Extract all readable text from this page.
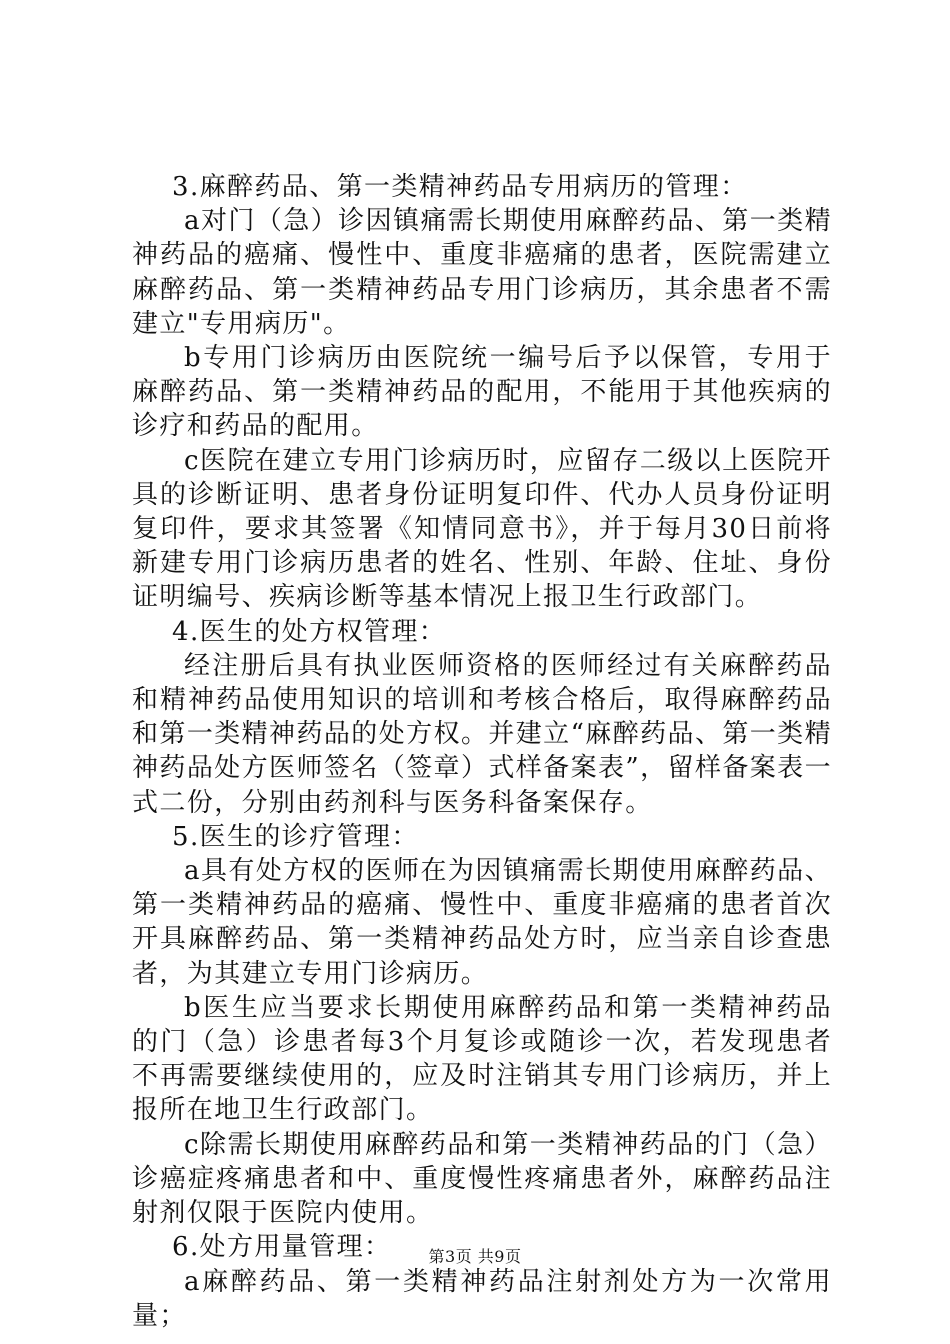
3.麻醉药品、第一类精神药品专用病历的管理：

a对门（急）诊因镇痛需长期使用麻醉药品、第一类精神药品的癌痛、慢性中、重度非癌痛的患者，医院需建立麻醉药品、第一类精神药品专用门诊病历，其余患者不需建立"专用病历"。

b专用门诊病历由医院统一编号后予以保管，专用于麻醉药品、第一类精神药品的配用，不能用于其他疾病的诊疗和药品的配用。

c医院在建立专用门诊病历时，应留存二级以上医院开具的诊断证明、患者身份证明复印件、代办人员身份证明复印件，要求其签署《知情同意书》，并于每月30日前将新建专用门诊病历患者的姓名、性别、年龄、住址、身份证明编号、疾病诊断等基本情况上报卫生行政部门。

4.医生的处方权管理：

经注册后具有执业医师资格的医师经过有关麻醉药品和精神药品使用知识的培训和考核合格后，取得麻醉药品和第一类精神药品的处方权。并建立“麻醉药品、第一类精神药品处方医师签名（签章）式样备案表”，留样备案表一式二份，分别由药剂科与医务科备案保存。

5.医生的诊疗管理：

a具有处方权的医师在为因镇痛需长期使用麻醉药品、第一类精神药品的癌痛、慢性中、重度非癌痛的患者首次开具麻醉药品、第一类精神药品处方时，应当亲自诊查患者，为其建立专用门诊病历。

b医生应当要求长期使用麻醉药品和第一类精神药品的门（急）诊患者每3个月复诊或随诊一次，若发现患者不再需要继续使用的，应及时注销其专用门诊病历，并上报所在地卫生行政部门。

c除需长期使用麻醉药品和第一类精神药品的门（急）诊癌症疼痛患者和中、重度慢性疼痛患者外，麻醉药品注射剂仅限于医院内使用。

6.处方用量管理：

a麻醉药品、第一类精神药品注射剂处方为一次常用量；

第3页 共9页
